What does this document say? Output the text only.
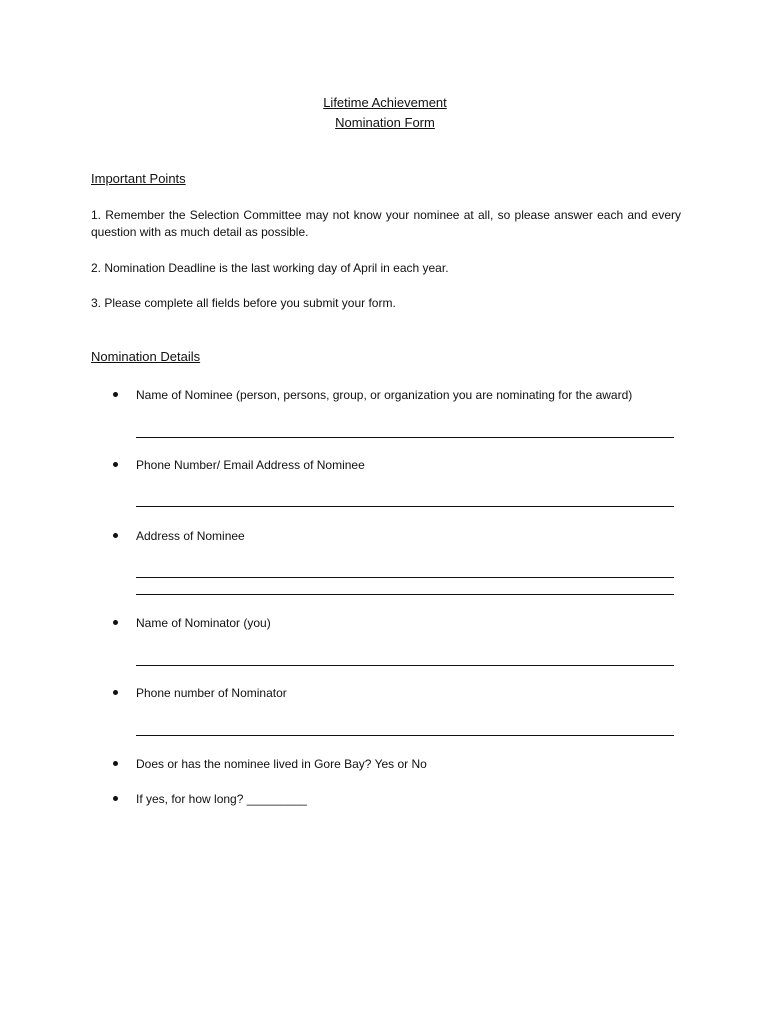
Lifetime Achievement
Nomination Form
Important Points
1. Remember the Selection Committee may not know your nominee at all, so please answer each and every question with as much detail as possible.
2. Nomination Deadline is the last working day of April in each year.
3. Please complete all fields before you submit your form.
Nomination Details
Name of Nominee (person, persons, group, or organization you are nominating for the award)
Phone Number/ Email Address of Nominee
Address of Nominee
Name of Nominator (you)
Phone number of Nominator
Does or has the nominee lived in Gore Bay? Yes or No
If yes, for how long? _________
